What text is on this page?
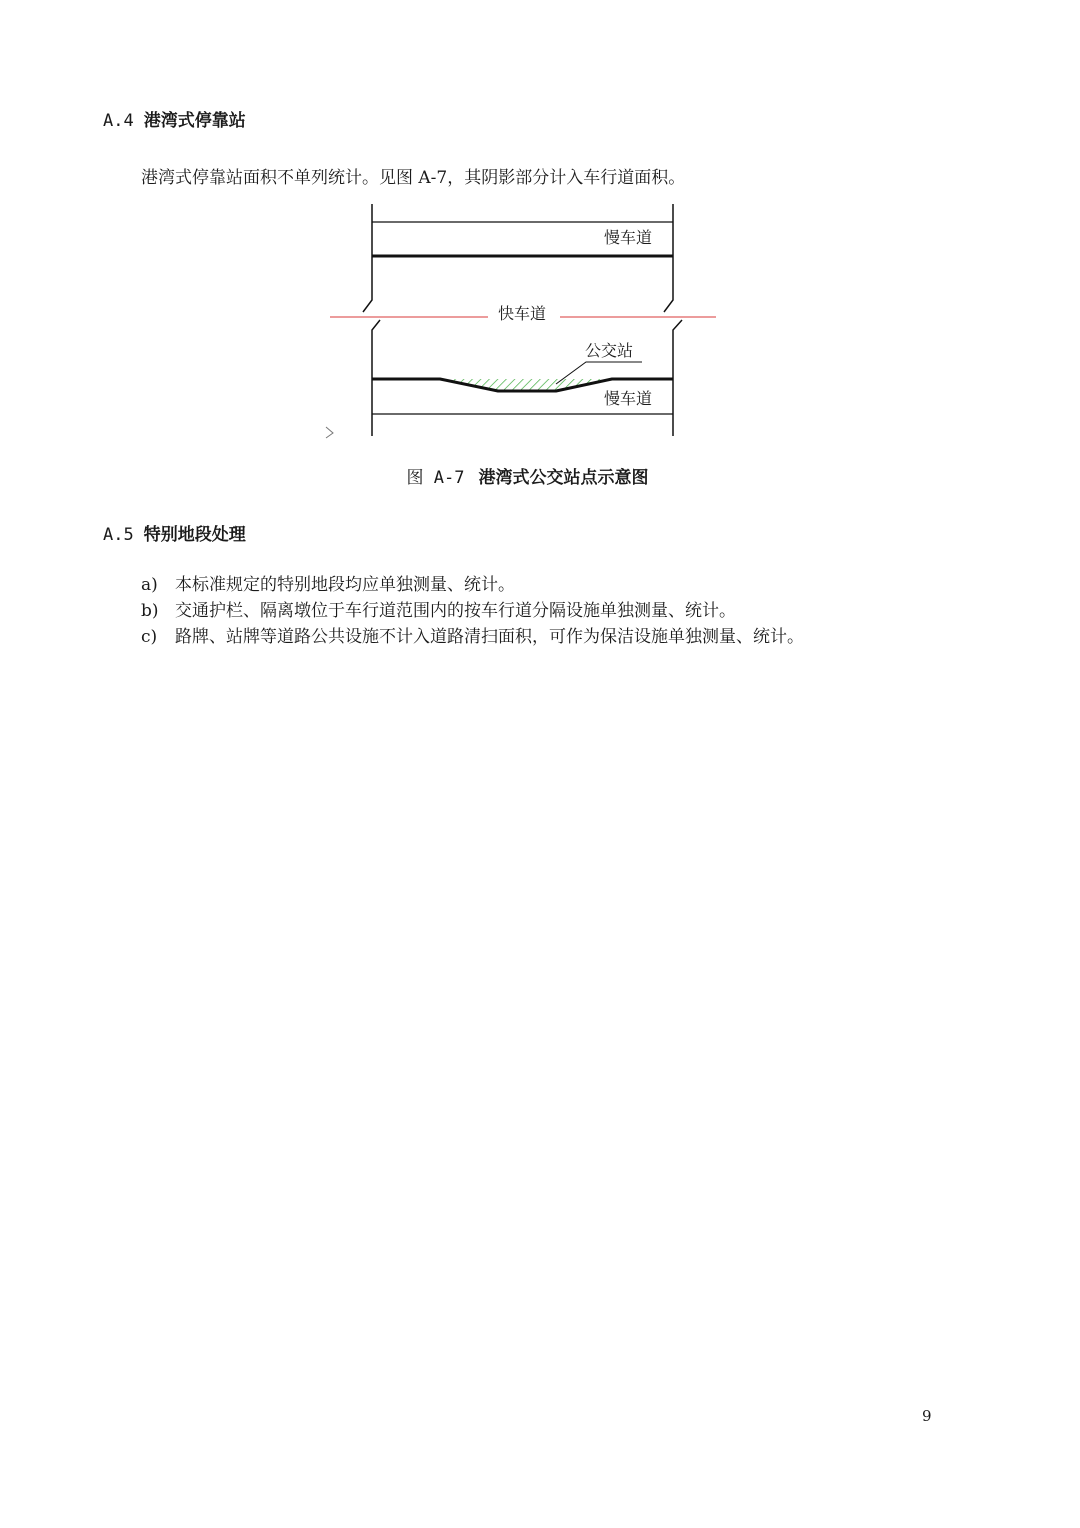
A.4 港湾式停靠站
港湾式停靠站面积不单列统计。见图 A-7，其阴影部分计入车行道面积。
慢车道
快车道
公交站
慢车道
图 A-7 港湾式公交站点示意图
A.5 特别地段处理
a) 本标准规定的特别地段均应单独测量、统计。
b) 交通护栏、隔离墩位于车行道范围内的按车行道分隔设施单独测量、统计。
c) 路牌、站牌等道路公共设施不计入道路清扫面积，可作为保洁设施单独测量、统计。
9
